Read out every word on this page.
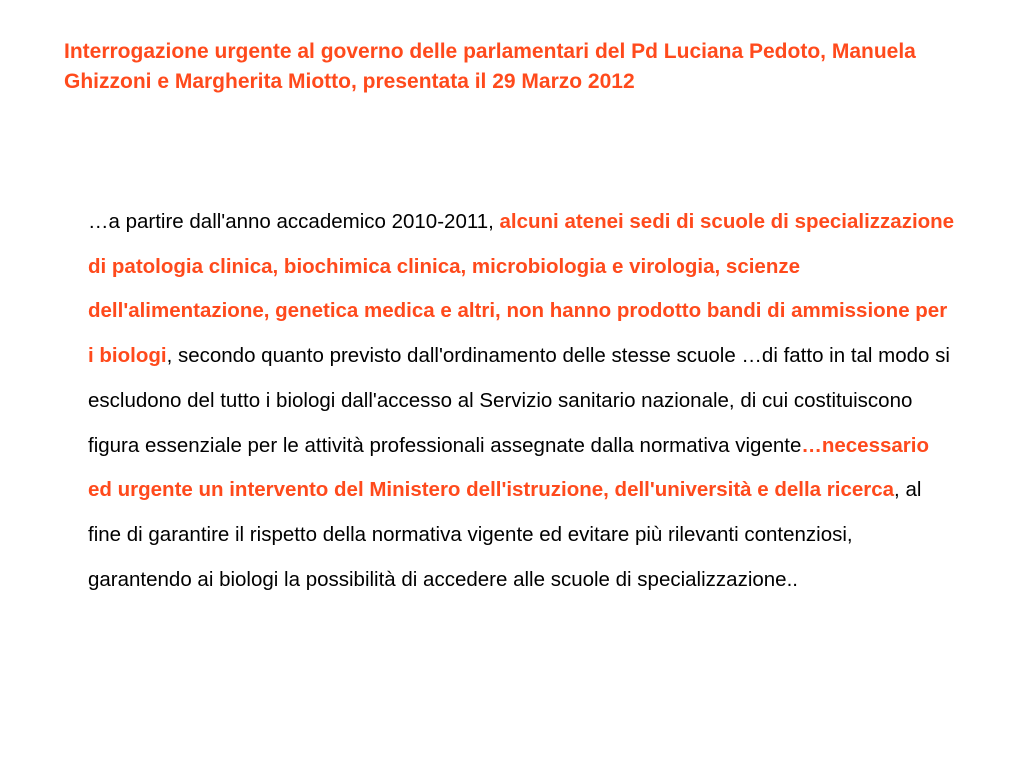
Interrogazione urgente al governo delle parlamentari del Pd Luciana Pedoto, Manuela Ghizzoni e Margherita Miotto, presentata il 29 Marzo 2012

…a partire dall'anno accademico 2010-2011, alcuni atenei sedi di scuole di specializzazione di patologia clinica, biochimica clinica, microbiologia e virologia, scienze dell'alimentazione, genetica medica e altri, non hanno prodotto bandi di ammissione per i biologi, secondo quanto previsto dall'ordinamento delle stesse scuole …di fatto in tal modo si escludono del tutto i biologi dall'accesso al Servizio sanitario nazionale, di cui costituiscono figura essenziale per le attività professionali assegnate dalla normativa vigente…necessario ed urgente un intervento del Ministero dell'istruzione, dell'università e della ricerca, al fine di garantire il rispetto della normativa vigente ed evitare più rilevanti contenziosi, garantendo ai biologi la possibilità di accedere alle scuole di specializzazione..
